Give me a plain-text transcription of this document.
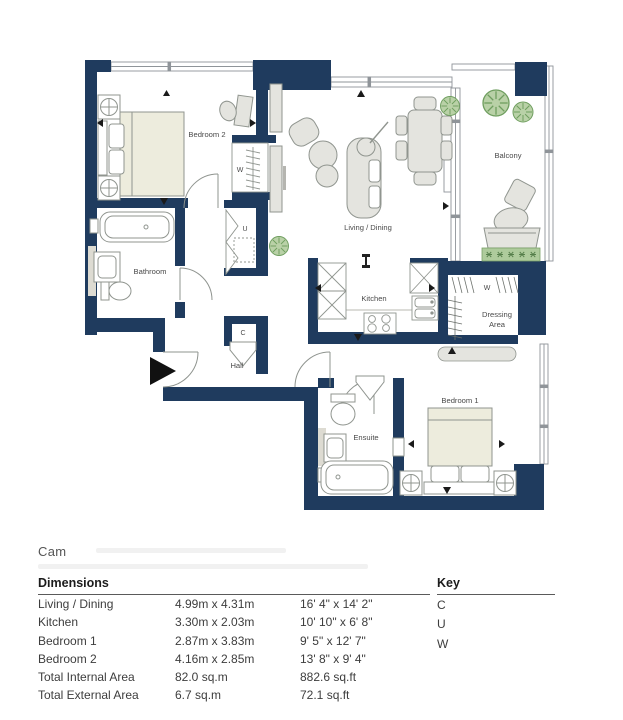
Bedroom 2
Living / Dining
Balcony
Bathroom
Kitchen
Dressing
Area
Hall
Ensuite
Bedroom 1
W
W
U
C
Cam
Dimensions
Living / Dining	4.99m x 4.31m	16' 4" x 14' 2"
Kitchen	3.30m x 2.03m	10' 10" x 6' 8"
Bedroom 1	2.87m x 3.83m	9' 5" x 12' 7"
Bedroom 2	4.16m x 2.85m	13' 8" x 9' 4"
Total Internal Area	82.0 sq.m	882.6 sq.ft
Total External Area	6.7 sq.m	72.1 sq.ft
Key
C
U
W
